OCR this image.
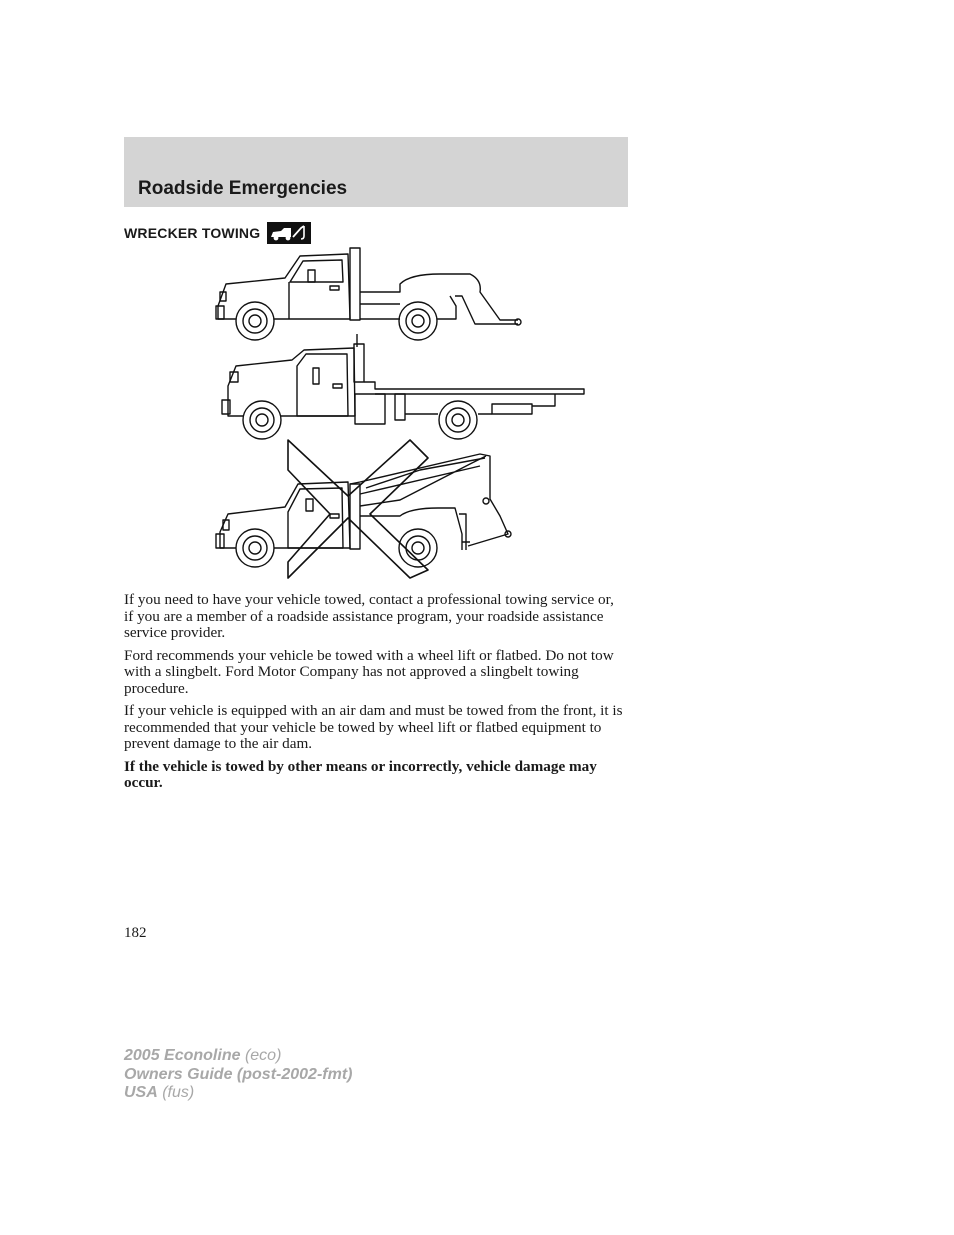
Roadside Emergencies
WRECKER TOWING

If you need to have your vehicle towed, contact a professional towing service or, if you are a member of a roadside assistance program, your roadside assistance service provider.

Ford recommends your vehicle be towed with a wheel lift or flatbed. Do not tow with a slingbelt. Ford Motor Company has not approved a slingbelt towing procedure.

If your vehicle is equipped with an air dam and must be towed from the front, it is recommended that your vehicle be towed by wheel lift or flatbed equipment to prevent damage to the air dam.

If the vehicle is towed by other means or incorrectly, vehicle damage may occur.

182
2005 Econoline (eco)
Owners Guide (post-2002-fmt)
USA (fus)
